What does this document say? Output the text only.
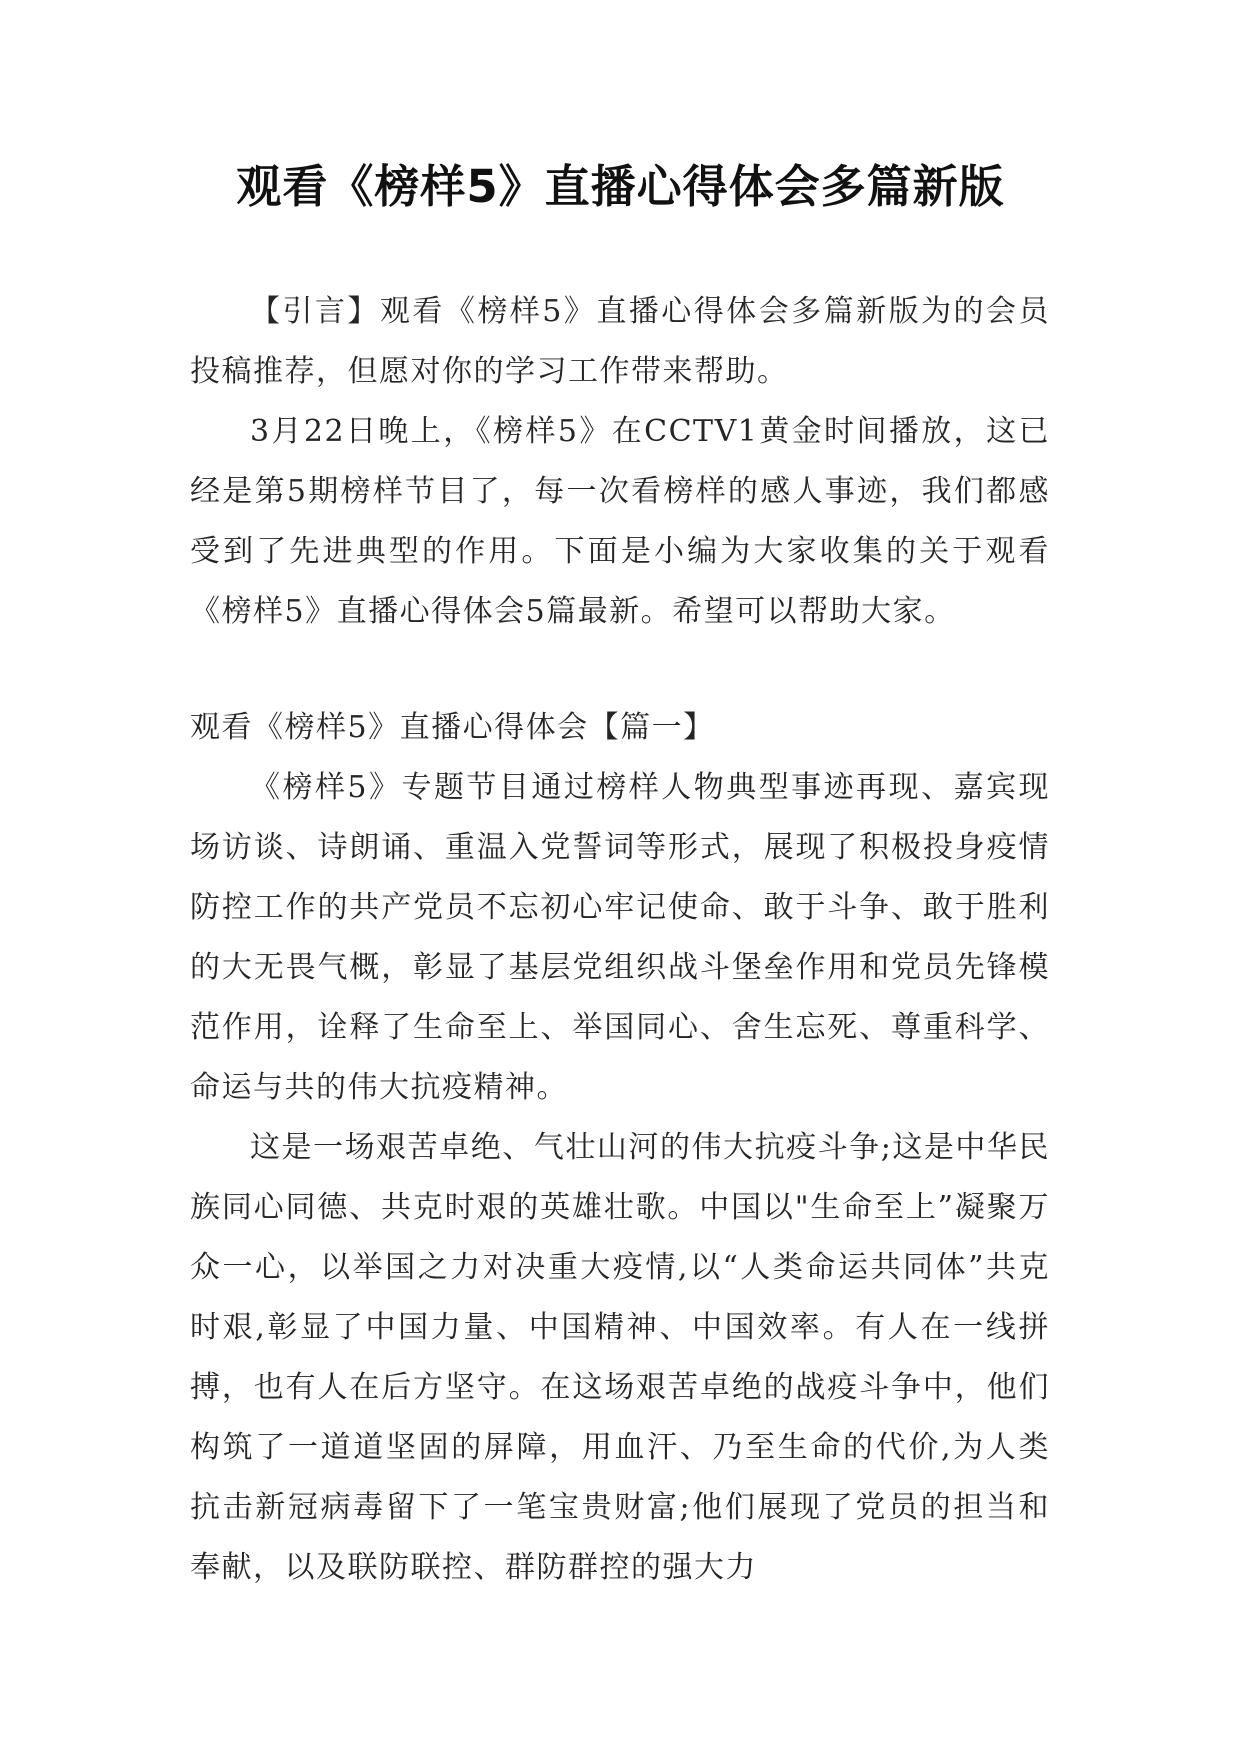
观看《榜样5》直播心得体会多篇新版

【引言】观看《榜样5》直播心得体会多篇新版为的会员投稿推荐，但愿对你的学习工作带来帮助。

3月22日晚上，《榜样5》在CCTV1黄金时间播放，这已经是第5期榜样节目了，每一次看榜样的感人事迹，我们都感受到了先进典型的作用。下面是小编为大家收集的关于观看《榜样5》直播心得体会5篇最新。希望可以帮助大家。

观看《榜样5》直播心得体会【篇一】

《榜样5》专题节目通过榜样人物典型事迹再现、嘉宾现场访谈、诗朗诵、重温入党誓词等形式，展现了积极投身疫情防控工作的共产党员不忘初心牢记使命、敢于斗争、敢于胜利的大无畏气概，彰显了基层党组织战斗堡垒作用和党员先锋模范作用，诠释了生命至上、举国同心、舍生忘死、尊重科学、命运与共的伟大抗疫精神。

这是一场艰苦卓绝、气壮山河的伟大抗疫斗争;这是中华民族同心同德、共克时艰的英雄壮歌。中国以"生命至上”凝聚万众一心，以举国之力对决重大疫情,以“人类命运共同体”共克时艰,彰显了中国力量、中国精神、中国效率。有人在一线拼搏，也有人在后方坚守。在这场艰苦卓绝的战疫斗争中，他们构筑了一道道坚固的屏障，用血汗、乃至生命的代价,为人类抗击新冠病毒留下了一笔宝贵财富;他们展现了党员的担当和奉献，以及联防联控、群防群控的强大力
